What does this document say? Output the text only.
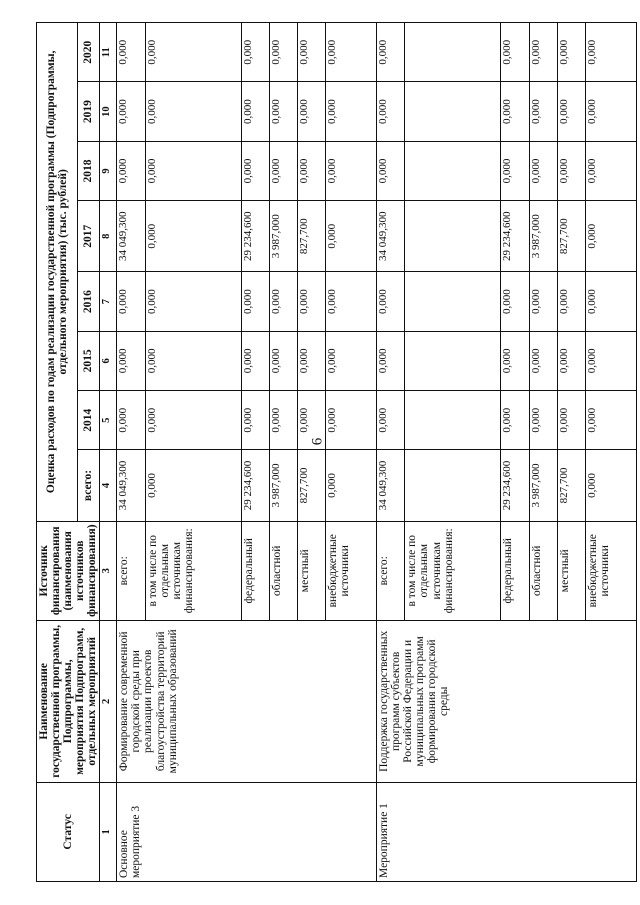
6
Статус	Наименование государственной программы, Подпрограммы, мероприятия Подпрограмм, отдельных мероприятий	Источник финансирования (наименования источников финансирования)	Оценка расходов по годам реализации государственной программы (Подпрограммы, отдельного мероприятия) (тыс. рублей)							
			всего:	2014	2015	2016	2017	2018	2019	2020
1	2	3	4	5	6	7	8	9	10	11
Основное мероприятие 3	Формирование современной городской среды при реализации проектов благоустройства территорий муниципальных образований	всего:	34 049,300	0,000	0,000	0,000	34 049,300	0,000	0,000	0,000
		в том числе по отдельным источникам финансирования:	0,000	0,000	0,000	0,000	0,000	0,000	0,000	0,000
		федеральный	29 234,600	0,000	0,000	0,000	29 234,600	0,000	0,000	0,000
		областной	3 987,000	0,000	0,000	0,000	3 987,000	0,000	0,000	0,000
		местный	827,700	0,000	0,000	0,000	827,700	0,000	0,000	0,000
		внебюджетные источники	0,000	0,000	0,000	0,000	0,000	0,000	0,000	0,000
Мероприятие 1	Поддержка государственных программ субъектов Российской Федерации и муниципальных программ формирования городской среды	всего:	34 049,300	0,000	0,000	0,000	34 049,300	0,000	0,000	0,000
		в том числе по отдельным источникам финансирования:								
		федеральный	29 234,600	0,000	0,000	0,000	29 234,600	0,000	0,000	0,000
		областной	3 987,000	0,000	0,000	0,000	3 987,000	0,000	0,000	0,000
		местный	827,700	0,000	0,000	0,000	827,700	0,000	0,000	0,000
		внебюджетные источники	0,000	0,000	0,000	0,000	0,000	0,000	0,000	0,000
